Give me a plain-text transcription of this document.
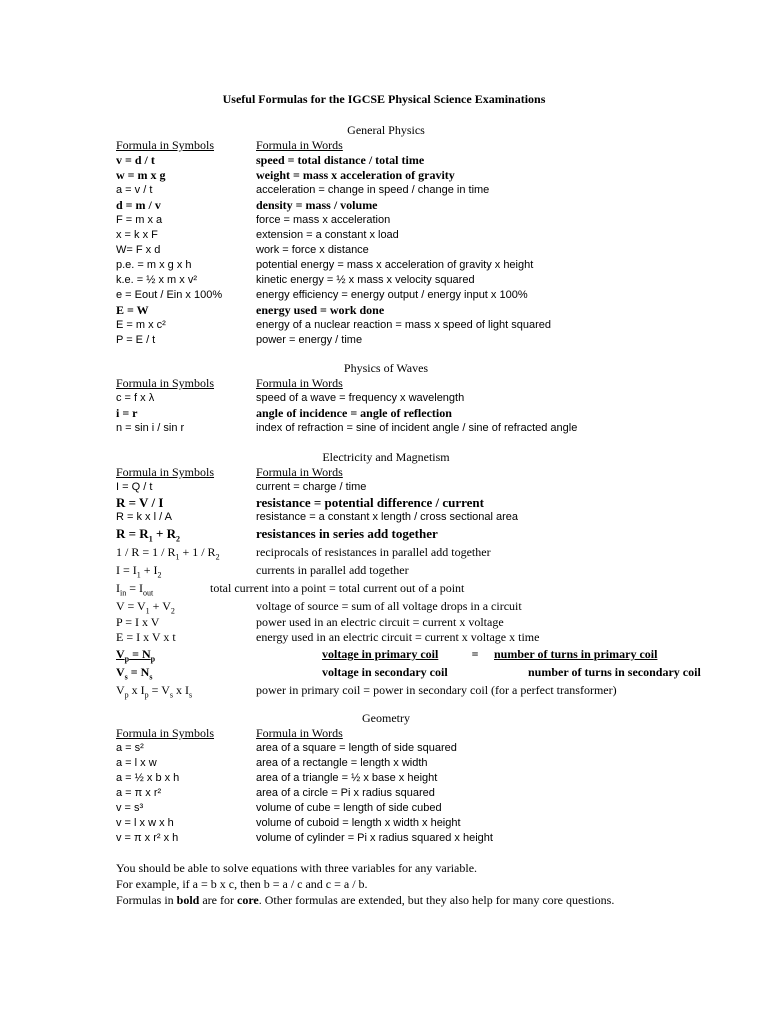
Useful Formulas for the IGCSE Physical Science Examinations
General Physics
Formula in Symbols	Formula in Words
v = d / t	speed = total distance / total time
w = m x g	weight = mass x acceleration of gravity
a = v / t	acceleration = change in speed / change in time
d = m / v	density = mass / volume
F = m x a	force = mass x acceleration
x = k x F	extension = a constant x load
W= F x d	work = force x distance
p.e. = m x g x h	potential energy = mass x acceleration of gravity x height
k.e. = ½ x m x v²	kinetic energy = ½ x mass x velocity squared
e = Eout / Ein x 100%	energy efficiency = energy output / energy input x 100%
E = W	energy used = work done
E = m x c²	energy of a nuclear reaction = mass x speed of light squared
P = E / t	power = energy / time
Physics of Waves
Formula in Symbols	Formula in Words
c = f x λ	speed of a wave = frequency x wavelength
i = r	angle of incidence = angle of reflection
n = sin i / sin r	index of refraction = sine of incident angle / sine of refracted angle
Electricity and Magnetism
Formula in Symbols	Formula in Words
I = Q / t	current = charge / time
R = V / I	resistance = potential difference / current
R = k x l / A	resistance = a constant x length / cross sectional area
$R = R_1 + R_2$	resistances in series add together
$1 / R = 1 / R_1 + 1 / R_2$	reciprocals of resistances in parallel add together
$I = I_1 + I_2$	currents in parallel add together
$I_{in} = I_{out}$	total current into a point = total current out of a point
$V = V_1 + V_2$	voltage of source = sum of all voltage drops in a circuit
P = I x V	power used in an electric circuit = current x voltage
E = I x V x t	energy used in an electric circuit = current x voltage x time
$V_p = N_p$	voltage in primary coil	=	number of turns in primary coil
$V_s = N_s$	voltage in secondary coil	number of turns in secondary coil
$V_p$ x $I_p = V_s$ x $I_s$	power in primary coil = power in secondary coil (for a perfect transformer)
Geometry
Formula in Symbols	Formula in Words
a = s²	area of a square = length of side squared
a = l x w	area of a rectangle = length x width
a = ½ x b x h	area of a triangle = ½ x base x height
a = π x r²	area of a circle = Pi x radius squared
v = s³	volume of cube = length of side cubed
v = l x w x h	volume of cuboid = length x width x height
v = π x r² x h	volume of cylinder = Pi x radius squared x height
You should be able to solve equations with three variables for any variable.
For example, if a = b x c, then b = a / c and c = a / b.
Formulas in bold are for core. Other formulas are extended, but they also help for many core questions.
